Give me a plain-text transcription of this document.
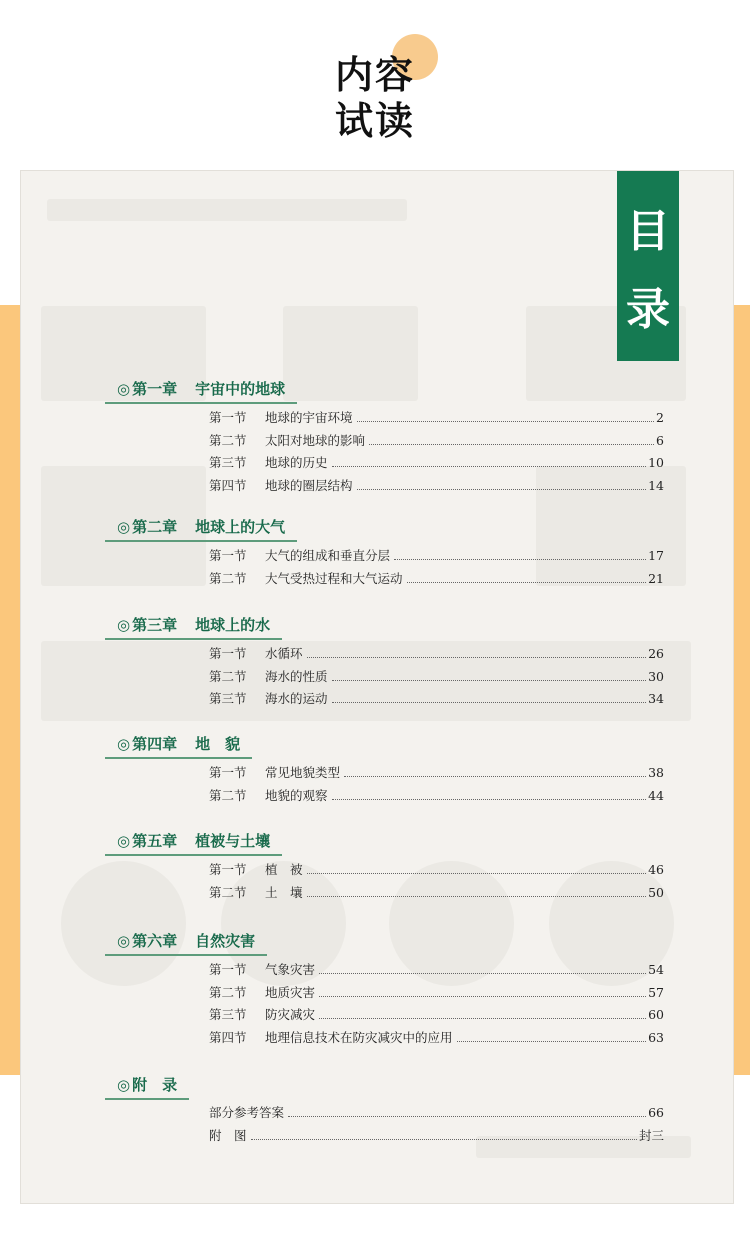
内容
试读
目
录
◎ 第一章 宇宙中的地球
第一节	地球的宇宙环境	2
第二节	太阳对地球的影响	6
第三节	地球的历史	10
第四节	地球的圈层结构	14
◎ 第二章 地球上的大气
第一节	大气的组成和垂直分层	17
第二节	大气受热过程和大气运动	21
◎ 第三章 地球上的水
第一节	水循环	26
第二节	海水的性质	30
第三节	海水的运动	34
◎ 第四章 地　貌
第一节	常见地貌类型	38
第二节	地貌的观察	44
◎ 第五章 植被与土壤
第一节	植　被	46
第二节	土　壤	50
◎ 第六章 自然灾害
第一节	气象灾害	54
第二节	地质灾害	57
第三节	防灾减灾	60
第四节	地理信息技术在防灾减灾中的应用	63
◎ 附　录
部分参考答案	66
附　图	封三
